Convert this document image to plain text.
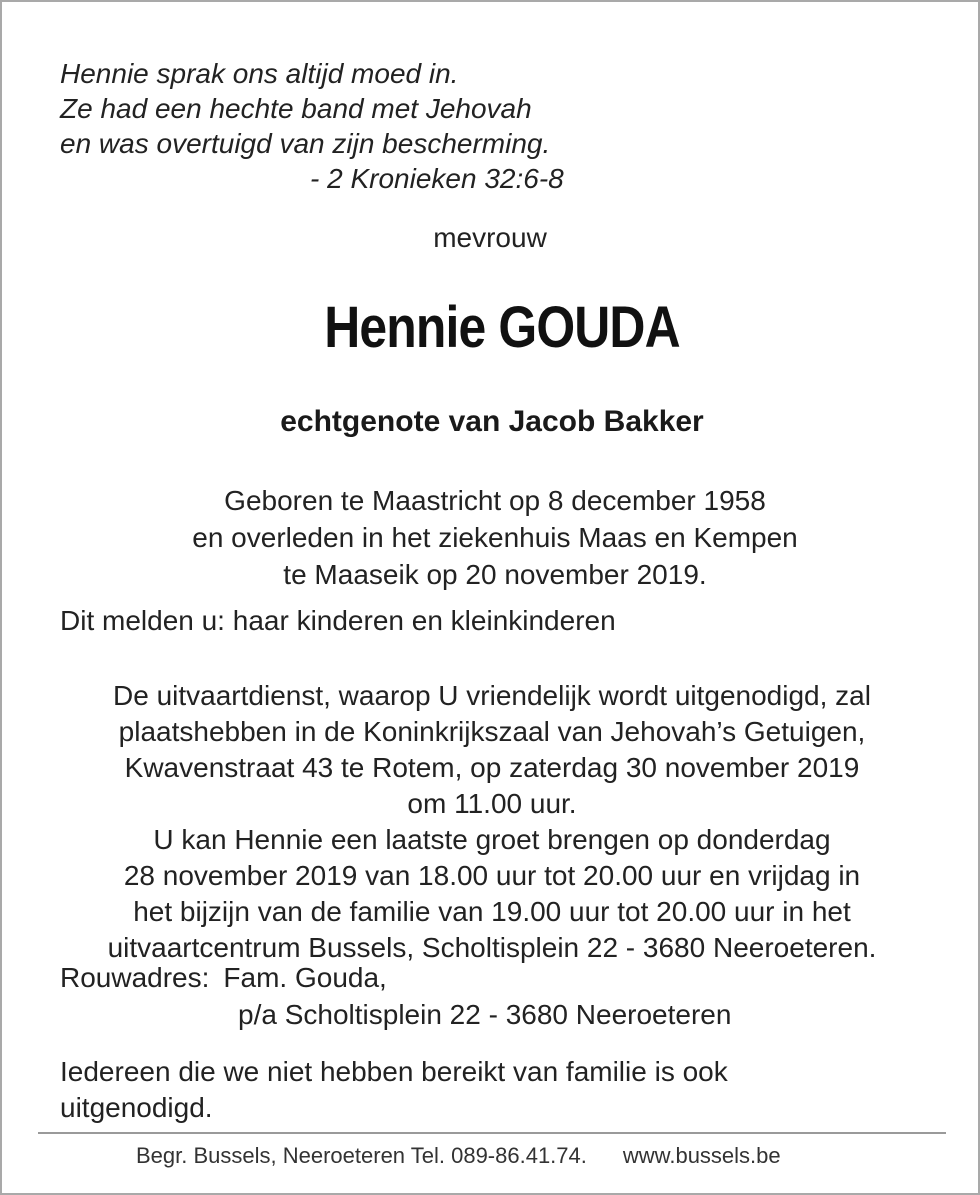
Hennie sprak ons altijd moed in.
Ze had een hechte band met Jehovah
en was overtuigd van zijn bescherming.
- 2 Kronieken 32:6-8
mevrouw
Hennie GOUDA
echtgenote van Jacob Bakker
Geboren te Maastricht op 8 december 1958
en overleden in het ziekenhuis Maas en Kempen
te Maaseik op 20 november 2019.
Dit melden u: haar kinderen en kleinkinderen
De uitvaartdienst, waarop U vriendelijk wordt uitgenodigd, zal
plaatshebben in de Koninkrijkszaal van Jehovah’s Getuigen,
Kwavenstraat 43 te Rotem, op zaterdag 30 november 2019
om 11.00 uur.
U kan Hennie een laatste groet brengen op donderdag
28 november 2019 van 18.00 uur tot 20.00 uur en vrijdag in
het bijzijn van de familie van 19.00 uur tot 20.00 uur in het
uitvaartcentrum Bussels, Scholtisplein 22 - 3680 Neeroeteren.
Rouwadres: Fam. Gouda,
p/a Scholtisplein 22 - 3680 Neeroeteren
Iedereen die we niet hebben bereikt van familie is ook
uitgenodigd.
Begr. Bussels, Neeroeteren Tel. 089-86.41.74. www.bussels.be
